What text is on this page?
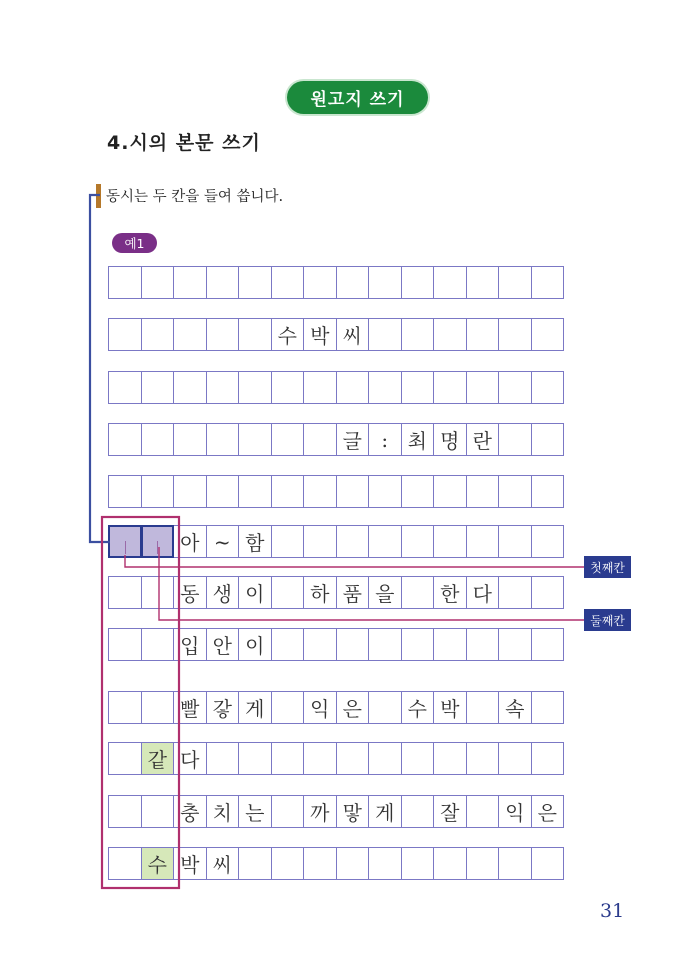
원고지 쓰기
4.시의 본문 쓰기
동시는 두 칸을 들여 씁니다.
예1
수 박 씨
글 : 최 명 란
아 ~ 함
동 생 이	하 품 을	한 다
입 안 이
빨 갛 게	익 은	수 박	속
같 다
충 치 는	까 맣 게	잘	익 은
수 박 씨
첫째칸
둘째칸
31
